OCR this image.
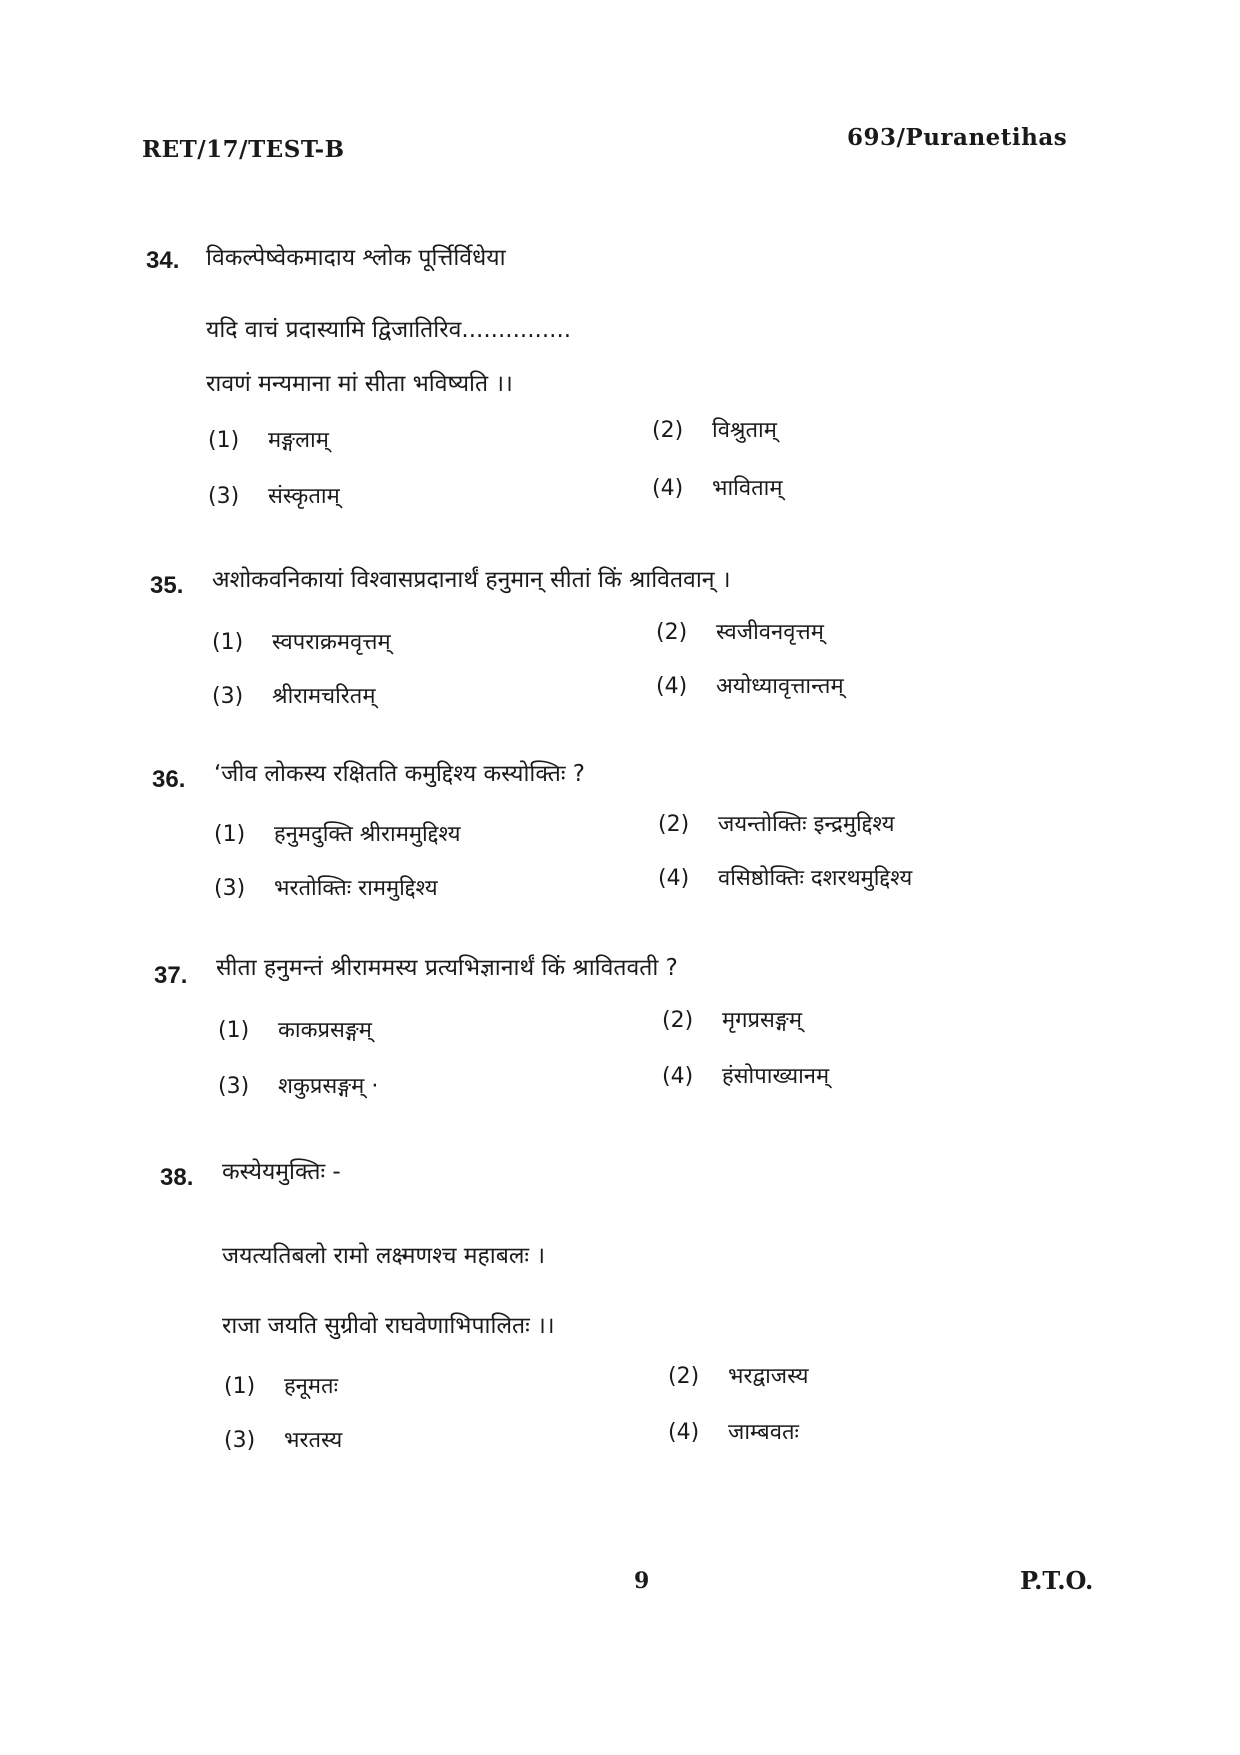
RET/17/TEST-B	693/Puranetihas
34. विकल्पेष्वेकमादाय श्लोक पूर्त्तिर्विधेया
यदि वाचं प्रदास्यामि द्विजातिरिव...............
रावणं मन्यमाना मां सीता भविष्यति ।।
(1) मङ्गलाम्	(2) विश्रुताम्
(3) संस्कृताम्	(4) भाविताम्
35. अशोकवनिकायां विश्वासप्रदानार्थं हनुमान् सीतां किं श्रावितवान् ।
(1) स्वपराक्रमवृत्तम्	(2) स्वजीवनवृत्तम्
(3) श्रीरामचरितम्	(4) अयोध्यावृत्तान्तम्
36. ‘जीव लोकस्य रक्षितति कमुद्दिश्य कस्योक्तिः ?
(1) हनुमदुक्ति श्रीराममुद्दिश्य	(2) जयन्तोक्तिः इन्द्रमुद्दिश्य
(3) भरतोक्तिः राममुद्दिश्य	(4) वसिष्ठोक्तिः दशरथमुद्दिश्य
37. सीता हनुमन्तं श्रीराममस्य प्रत्यभिज्ञानार्थं किं श्रावितवती ?
(1) काकप्रसङ्गम्	(2) मृगप्रसङ्गम्
(3) शकुप्रसङ्गम् ·	(4) हंसोपाख्यानम्
38. कस्येयमुक्तिः -
जयत्यतिबलो रामो लक्ष्मणश्च महाबलः ।
राजा जयति सुग्रीवो राघवेणाभिपालितः ।।
(1) हनूमतः	(2) भरद्वाजस्य
(3) भरतस्य	(4) जाम्बवतः
9	P.T.O.
